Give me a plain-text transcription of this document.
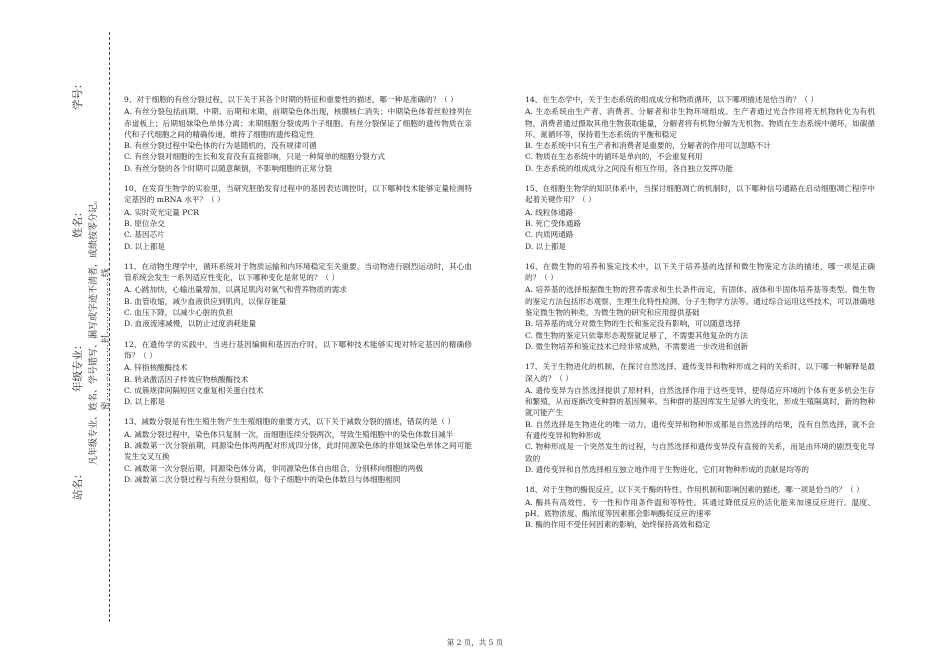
学号：
姓名：
年级专业：
站名：
凡年级专业、姓名、学号错写、漏写或字迹不清者，成绩按零分记。 密………………封………………线

9、对于细胞的有丝分裂过程，以下关于其各个时期的特征和重要性的描述，哪一种是准确的？（ ）

A. 有丝分裂包括前期、中期、后期和末期，前期染色体出现，核膜核仁消失；中期染色体着丝粒排列在赤道板上；后期姐妹染色单体分离；末期细胞分裂成两个子细胞。有丝分裂保证了细胞的遗传物质在亲代和子代细胞之间的精确传递，维持了细胞的遗传稳定性

B. 有丝分裂过程中染色体的行为是随机的，没有规律可循

C. 有丝分裂对细胞的生长和发育没有直接影响，只是一种简单的细胞分裂方式

D. 有丝分裂的各个时期可以随意颠倒，不影响细胞的正常分裂

10、在发育生物学的实验里，当研究胚胎发育过程中的基因表达调控时，以下哪种技术能够定量检测特定基因的 mRNA 水平？（ ）

A. 实时荧光定量 PCR

B. 原位杂交

C. 基因芯片

D. 以上都是

11、在动物生理学中，循环系统对于物质运输和内环境稳定至关重要。当动物进行剧烈运动时，其心血管系统会发生一系列适应性变化，以下哪种变化是常见的？（ ）

A. 心跳加快，心输出量增加，以满足肌肉对氧气和营养物质的需求

B. 血管收缩，减少血液供应到肌肉，以保存能量

C. 血压下降，以减少心脏的负担

D. 血液流速减慢，以防止过度消耗能量

12、在遗传学的实践中，当进行基因编辑和基因治疗时，以下哪种技术能够实现对特定基因的精确修饰？（ ）

A. 锌指核酸酶技术

B. 转录激活因子样效应物核酸酶技术

C. 成簇规律间隔短回文重复相关蛋白技术

D. 以上都是

13、减数分裂是有性生殖生物产生生殖细胞的重要方式，以下关于减数分裂的描述，错误的是（ ）

A. 减数分裂过程中，染色体只复制一次，而细胞连续分裂两次，导致生殖细胞中的染色体数目减半

B. 减数第一次分裂前期，同源染色体两两配对形成四分体，此时同源染色体的非姐妹染色单体之间可能发生交叉互换

C. 减数第一次分裂后期，同源染色体分离，非同源染色体自由组合，分别移向细胞的两极

D. 减数第二次分裂过程与有丝分裂相似，每个子细胞中的染色体数目与体细胞相同

14、在生态学中，关于生态系统的组成成分和物质循环，以下哪项描述是恰当的？（ ）

A. 生态系统由生产者、消费者、分解者和非生物环境组成。生产者通过光合作用将无机物转化为有机物，消费者通过摄取其他生物获取能量，分解者将有机物分解为无机物。物质在生态系统中循环，如碳循环、氮循环等，保持着生态系统的平衡和稳定

B. 生态系统中只有生产者和消费者是重要的，分解者的作用可以忽略不计

C. 物质在生态系统中的循环是单向的，不会重复利用

D. 生态系统的组成成分之间没有相互作用，各自独立发挥功能

15、在细胞生物学的知识体系中，当探讨细胞凋亡的机制时，以下哪种信号通路在启动细胞凋亡程序中起着关键作用？（ ）

A. 线粒体通路

B. 死亡受体通路

C. 内质网通路

D. 以上都是

16、在微生物的培养和鉴定技术中，以下关于培养基的选择和微生物鉴定方法的描述，哪一项是正确的？（ ）

A. 培养基的选择根据微生物的营养需求和生长条件而定，有固体、液体和半固体培养基等类型。微生物的鉴定方法包括形态观察、生理生化特性检测、分子生物学方法等。通过综合运用这些技术，可以准确地鉴定微生物的种类，为微生物的研究和应用提供基础

B. 培养基的成分对微生物的生长和鉴定没有影响，可以随意选择

C. 微生物的鉴定只依靠形态观察就足够了，不需要其他复杂的方法

D. 微生物培养和鉴定技术已经非常成熟，不需要进一步改进和创新

17、关于生物进化的机制，在探讨自然选择、遗传变异和物种形成之间的关系时，以下哪一种解释是最深入的？（ ）

A. 遗传变异为自然选择提供了原材料，自然选择作用于这些变异，使得适应环境的个体有更多机会生存和繁殖，从而逐渐改变种群的基因频率。当种群的基因库发生足够大的变化，形成生殖隔离时，新的物种就可能产生

B. 自然选择是生物进化的唯一动力，遗传变异和物种形成都是自然选择的结果，没有自然选择，就不会有遗传变异和物种形成

C. 物种形成是一个突然发生的过程，与自然选择和遗传变异没有直接的关系，而是由环境的剧烈变化导致的

D. 遗传变异和自然选择相互独立地作用于生物进化，它们对物种形成的贡献是均等的

18、对于生物的酶促反应，以下关于酶的特性、作用机制和影响因素的描述，哪一项是恰当的？（ ）

A. 酶具有高效性、专一性和作用条件温和等特性。其通过降低反应的活化能来加速反应进行。温度、pH、底物浓度、酶浓度等因素都会影响酶促反应的速率

B. 酶的作用不受任何因素的影响，始终保持高效和稳定

第 2 页，共 5 页
